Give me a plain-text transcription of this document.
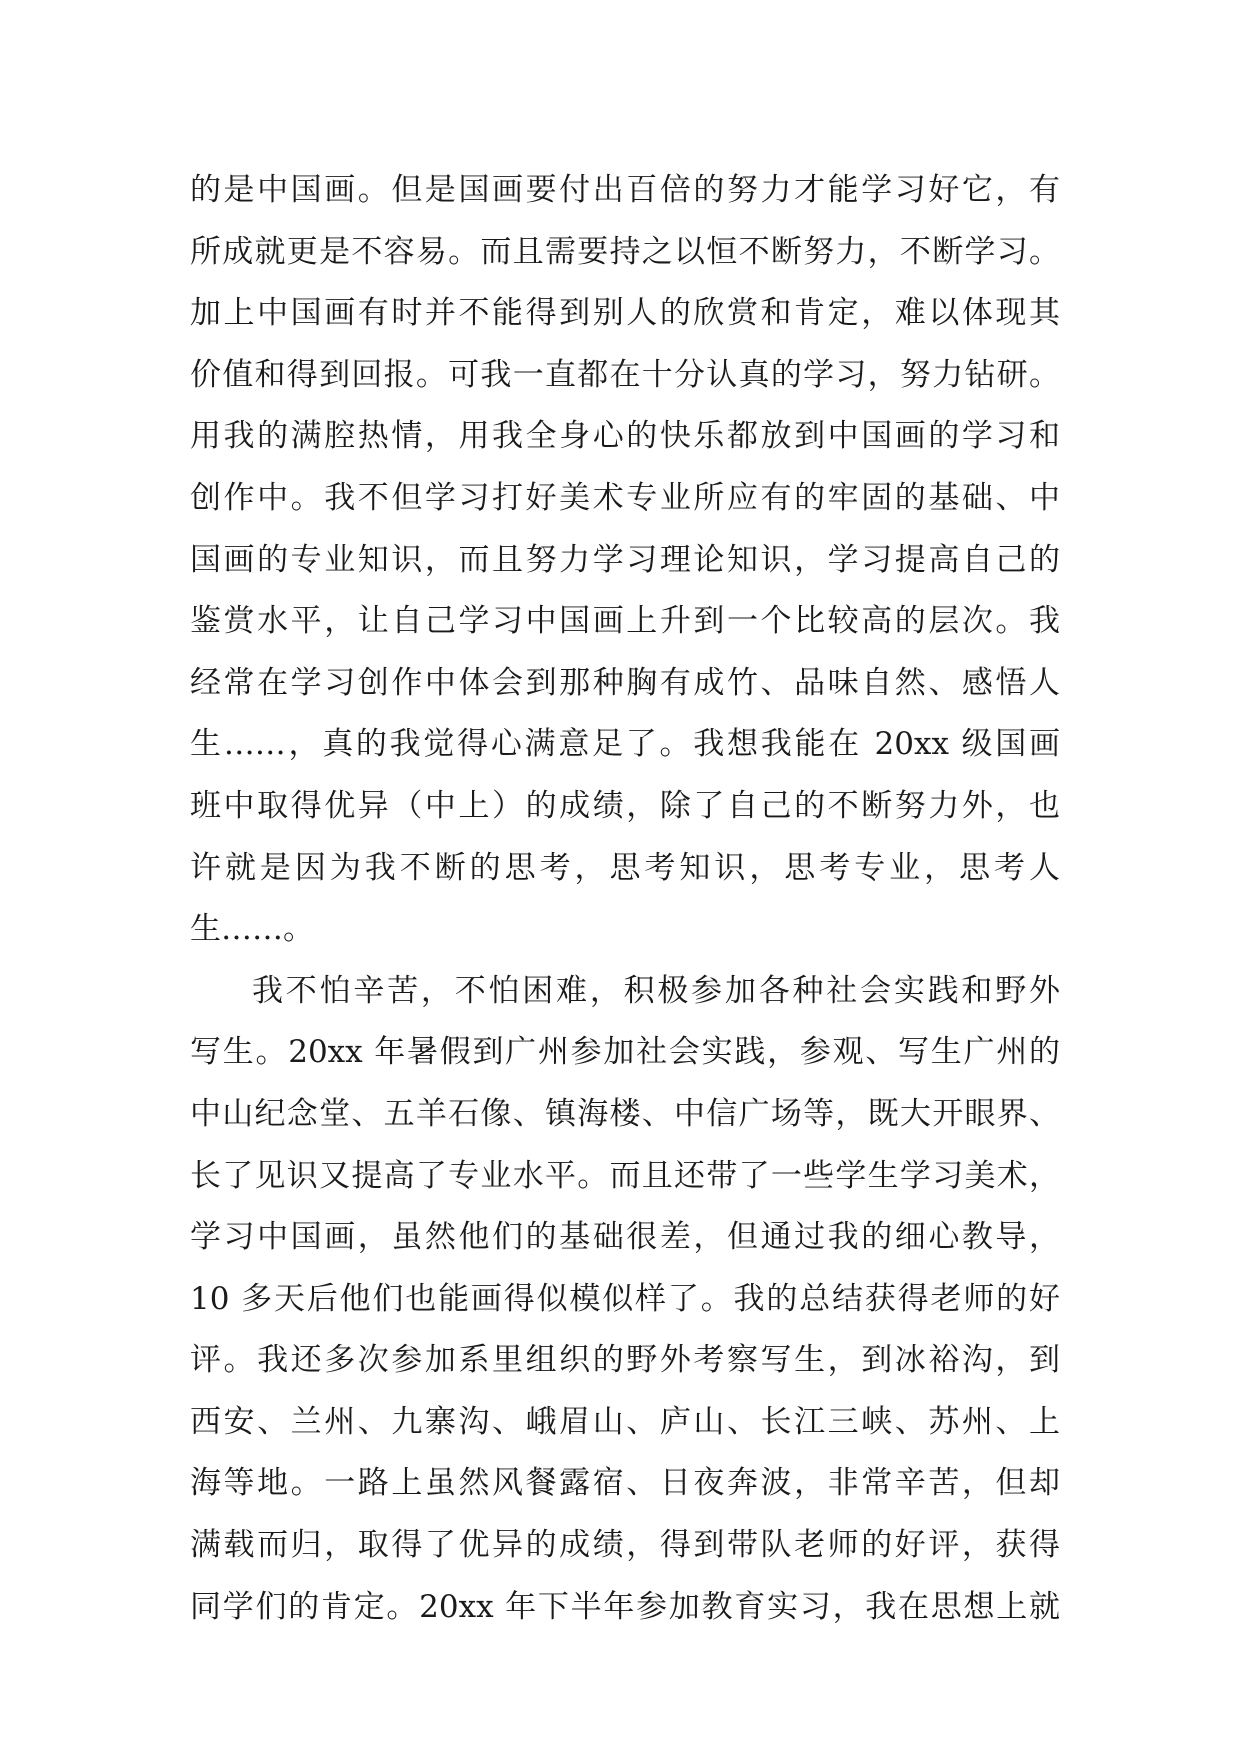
的是中国画。但是国画要付出百倍的努力才能学习好它，有
所成就更是不容易。而且需要持之以恒不断努力，不断学习。
加上中国画有时并不能得到别人的欣赏和肯定，难以体现其
价值和得到回报。可我一直都在十分认真的学习，努力钻研。
用我的满腔热情，用我全身心的快乐都放到中国画的学习和
创作中。我不但学习打好美术专业所应有的牢固的基础、中
国画的专业知识，而且努力学习理论知识，学习提高自己的
鉴赏水平，让自己学习中国画上升到一个比较高的层次。我
经常在学习创作中体会到那种胸有成竹、品味自然、感悟人
生……，真的我觉得心满意足了。我想我能在 20xx 级国画
班中取得优异（中上）的成绩，除了自己的不断努力外，也
许就是因为我不断的思考，思考知识，思考专业，思考人
生……。
我不怕辛苦，不怕困难，积极参加各种社会实践和野外
写生。20xx 年暑假到广州参加社会实践，参观、写生广州的
中山纪念堂、五羊石像、镇海楼、中信广场等，既大开眼界、
长了见识又提高了专业水平。而且还带了一些学生学习美术，
学习中国画，虽然他们的基础很差，但通过我的细心教导，
10 多天后他们也能画得似模似样了。我的总结获得老师的好
评。我还多次参加系里组织的野外考察写生，到冰裕沟，到
西安、兰州、九寨沟、峨眉山、庐山、长江三峡、苏州、上
海等地。一路上虽然风餐露宿、日夜奔波，非常辛苦，但却
满载而归，取得了优异的成绩，得到带队老师的好评，获得
同学们的肯定。20xx 年下半年参加教育实习，我在思想上就
